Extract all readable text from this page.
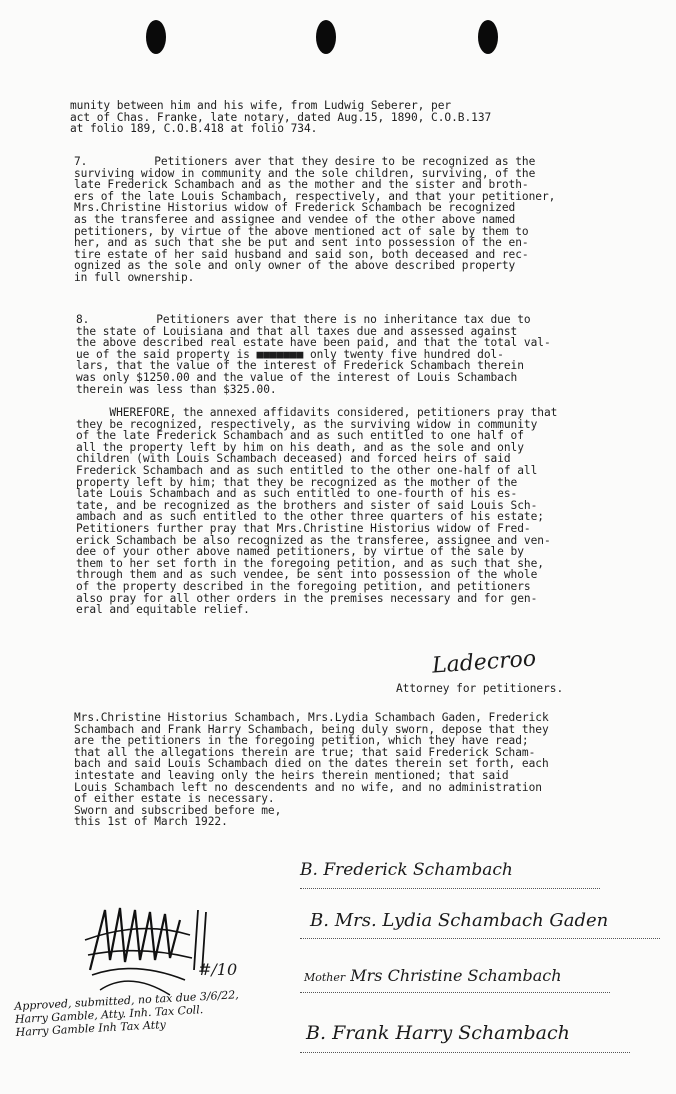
munity between him and his wife, from Ludwig Seberer, per
act of Chas. Franke, late notary, dated Aug.15, 1890, C.O.B.137
at folio 189, C.O.B.418 at folio 734.
7.          Petitioners aver that they desire to be recognized as the
surviving widow in community and the sole children, surviving, of the
late Frederick Schambach and as the mother and the sister and broth-
ers of the late Louis Schambach, respectively, and that your petitioner,
Mrs.Christine Historius widow of Frederick Schambach be recognized
as the transferee and assignee and vendee of the other above named
petitioners, by virtue of the above mentioned act of sale by them to
her, and as such that she be put and sent into possession of the en-
tire estate of her said husband and said son, both deceased and rec-
ognized as the sole and only owner of the above described property
in full ownership.
8.          Petitioners aver that there is no inheritance tax due to
the state of Louisiana and that all taxes due and assessed against
the above described real estate have been paid, and that the total val-
ue of the said property is ■■■■■■■ only twenty five hundred dol-
lars, that the value of the interest of Frederick Schambach therein
was only $1250.00 and the value of the interest of Louis Schambach
therein was less than $325.00.
WHEREFORE, the annexed affidavits considered, petitioners pray that
they be recognized, respectively, as the surviving widow in community
of the late Frederick Schambach and as such entitled to one half of
all the property left by him on his death, and as the sole and only
children (with Louis Schambach deceased) and forced heirs of said
Frederick Schambach and as such entitled to the other one-half of all
property left by him; that they be recognized as the mother of the
late Louis Schambach and as such entitled to one-fourth of his es-
tate, and be recognized as the brothers and sister of said Louis Sch-
ambach and as such entitled to the other three quarters of his estate;
Petitioners further pray that Mrs.Christine Historius widow of Fred-
erick Schambach be also recognized as the transferee, assignee and ven-
dee of your other above named petitioners, by virtue of the sale by
them to her set forth in the foregoing petition, and as such that she,
through them and as such vendee, be sent into possession of the whole
of the property described in the foregoing petition, and petitioners
also pray for all other orders in the premises necessary and for gen-
eral and equitable relief.
Ladecroo
Attorney for petitioners.
Mrs.Christine Historius Schambach, Mrs.Lydia Schambach Gaden, Frederick
Schambach and Frank Harry Schambach, being duly sworn, depose that they
are the petitioners in the foregoing petition, which they have read;
that all the allegations therein are true; that said Frederick Scham-
bach and said Louis Schambach died on the dates therein set forth, each
intestate and leaving only the heirs therein mentioned; that said
Louis Schambach left no descendents and no wife, and no administration
of either estate is necessary.
Sworn and subscribed before me,
this 1st of March 1922.
B. Frederick Schambach
B. Mrs. Lydia Schambach Gaden
Mother Mrs Christine Schambach
B. Frank Harry Schambach
#/10
Approved, submitted, no tax due 3/6/22,
Harry Gamble, Atty. Inh. Tax Coll.
Harry Gamble Inh Tax Atty
